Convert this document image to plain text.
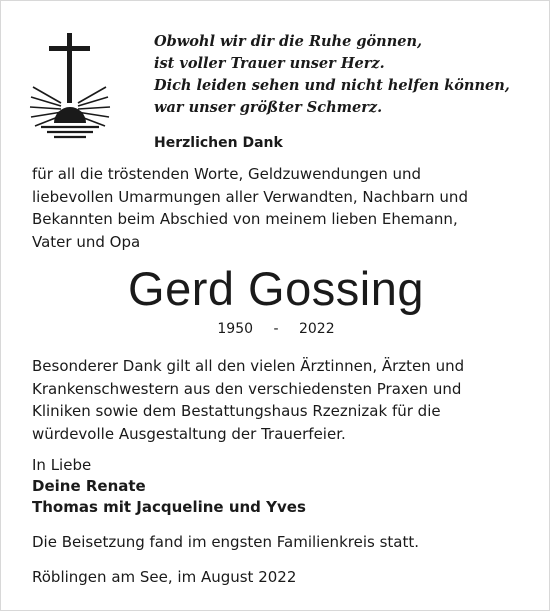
Obwohl wir dir die Ruhe gönnen,
ist voller Trauer unser Herz.
Dich leiden sehen und nicht helfen können,
war unser größter Schmerz.
Herzlichen Dank
für all die tröstenden Worte, Geldzuwendungen und
liebevollen Umarmungen aller Verwandten, Nachbarn und
Bekannten beim Abschied von meinem lieben Ehemann,
Vater und Opa
Gerd Gossing
1950 - 2022
Besonderer Dank gilt all den vielen Ärztinnen, Ärzten und
Krankenschwestern aus den verschiedensten Praxen und
Kliniken sowie dem Bestattungshaus Rzeznizak für die
würdevolle Ausgestaltung der Trauerfeier.
In Liebe
Deine Renate
Thomas mit Jacqueline und Yves
Die Beisetzung fand im engsten Familienkreis statt.
Röblingen am See, im August 2022
